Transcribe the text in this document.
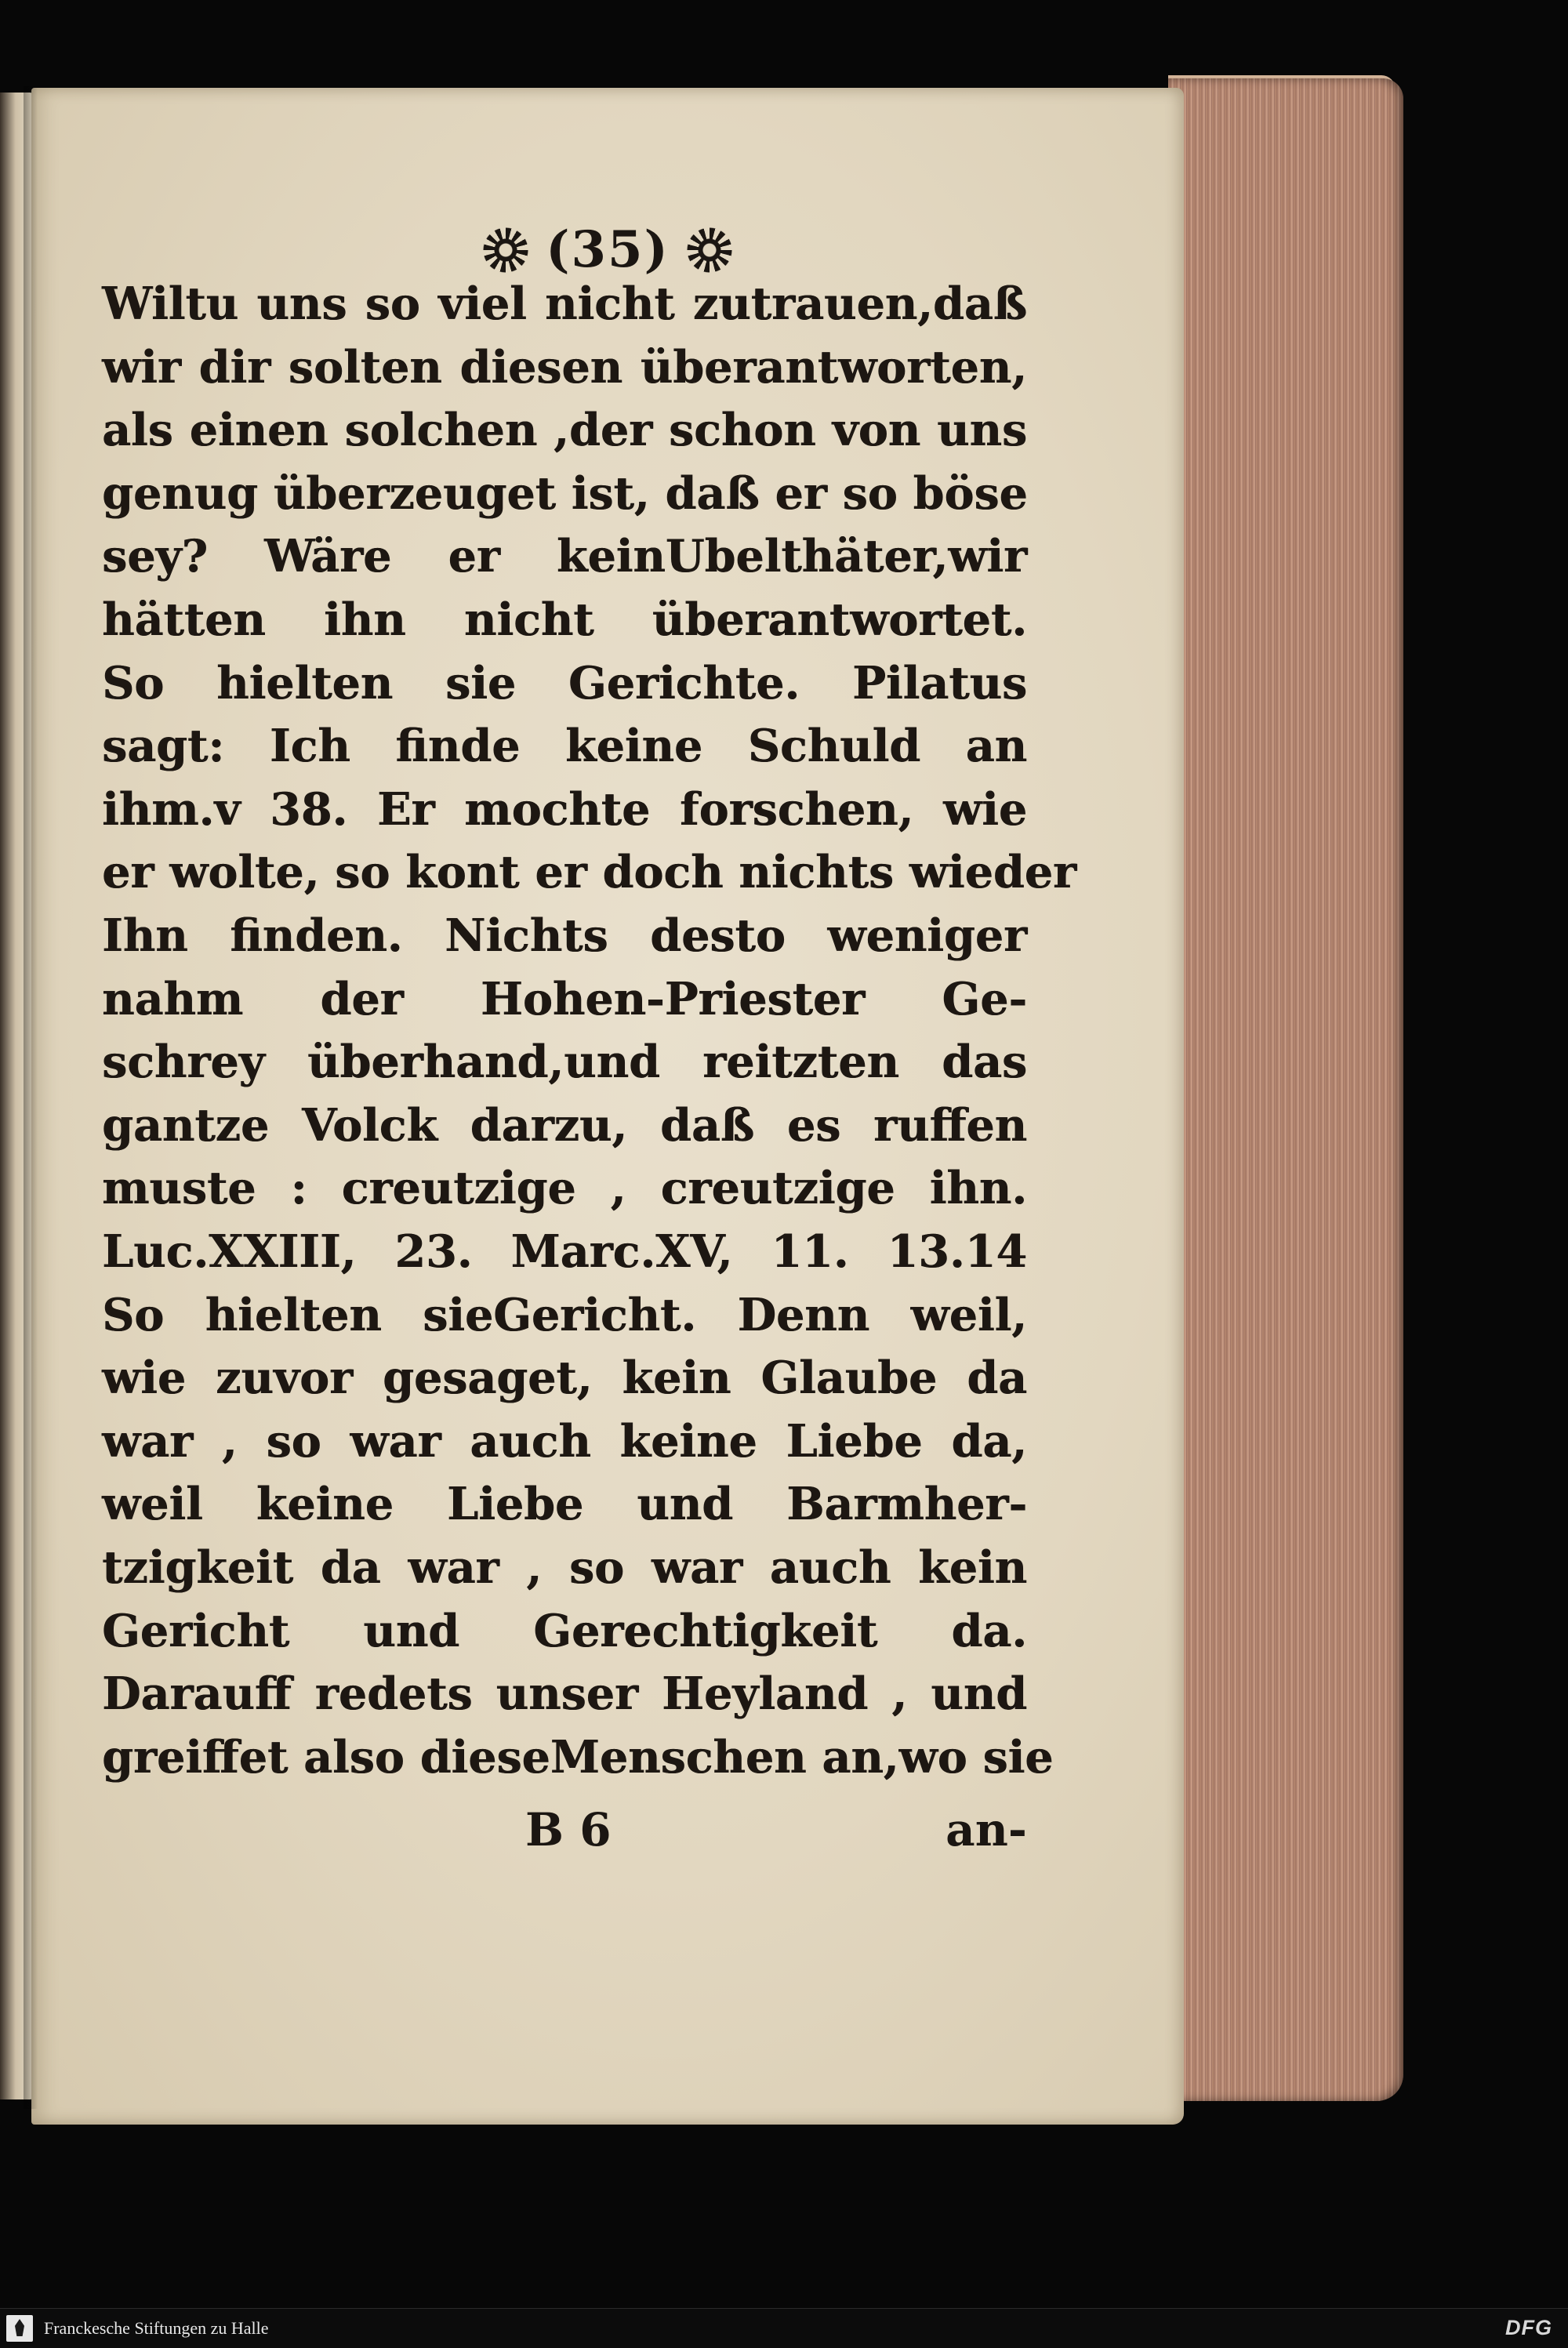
(35)
Wiltu uns so viel nicht zutrauen,daß
wir dir solten diesen überantworten,
als einen solchen ,der schon von uns
genug überzeuget ist, daß er so böse
sey? Wäre er keinUbelthäter,wir
hätten ihn nicht überantwortet.
So hielten sie Gerichte. Pilatus
sagt: Ich finde keine Schuld an
ihm.v 38. Er mochte forschen, wie
er wolte, so kont er doch nichts wieder
Ihn finden. Nichts desto weniger
nahm der Hohen-Priester Ge-
schrey überhand,und reitzten das
gantze Volck darzu, daß es ruffen
muste : creutzige , creutzige ihn.
Luc.XXIII, 23. Marc.XV, 11. 13.14
So hielten sieGericht. Denn weil,
wie zuvor gesaget, kein Glaube da
war , so war auch keine Liebe da,
weil keine Liebe und Barmher-
tzigkeit da war , so war auch kein
Gericht und Gerechtigkeit da.
Darauff redets unser Heyland , und
greiffet also dieseMenschen an,wo sie
B 6	an-
Franckesche Stiftungen zu Halle	DFG
